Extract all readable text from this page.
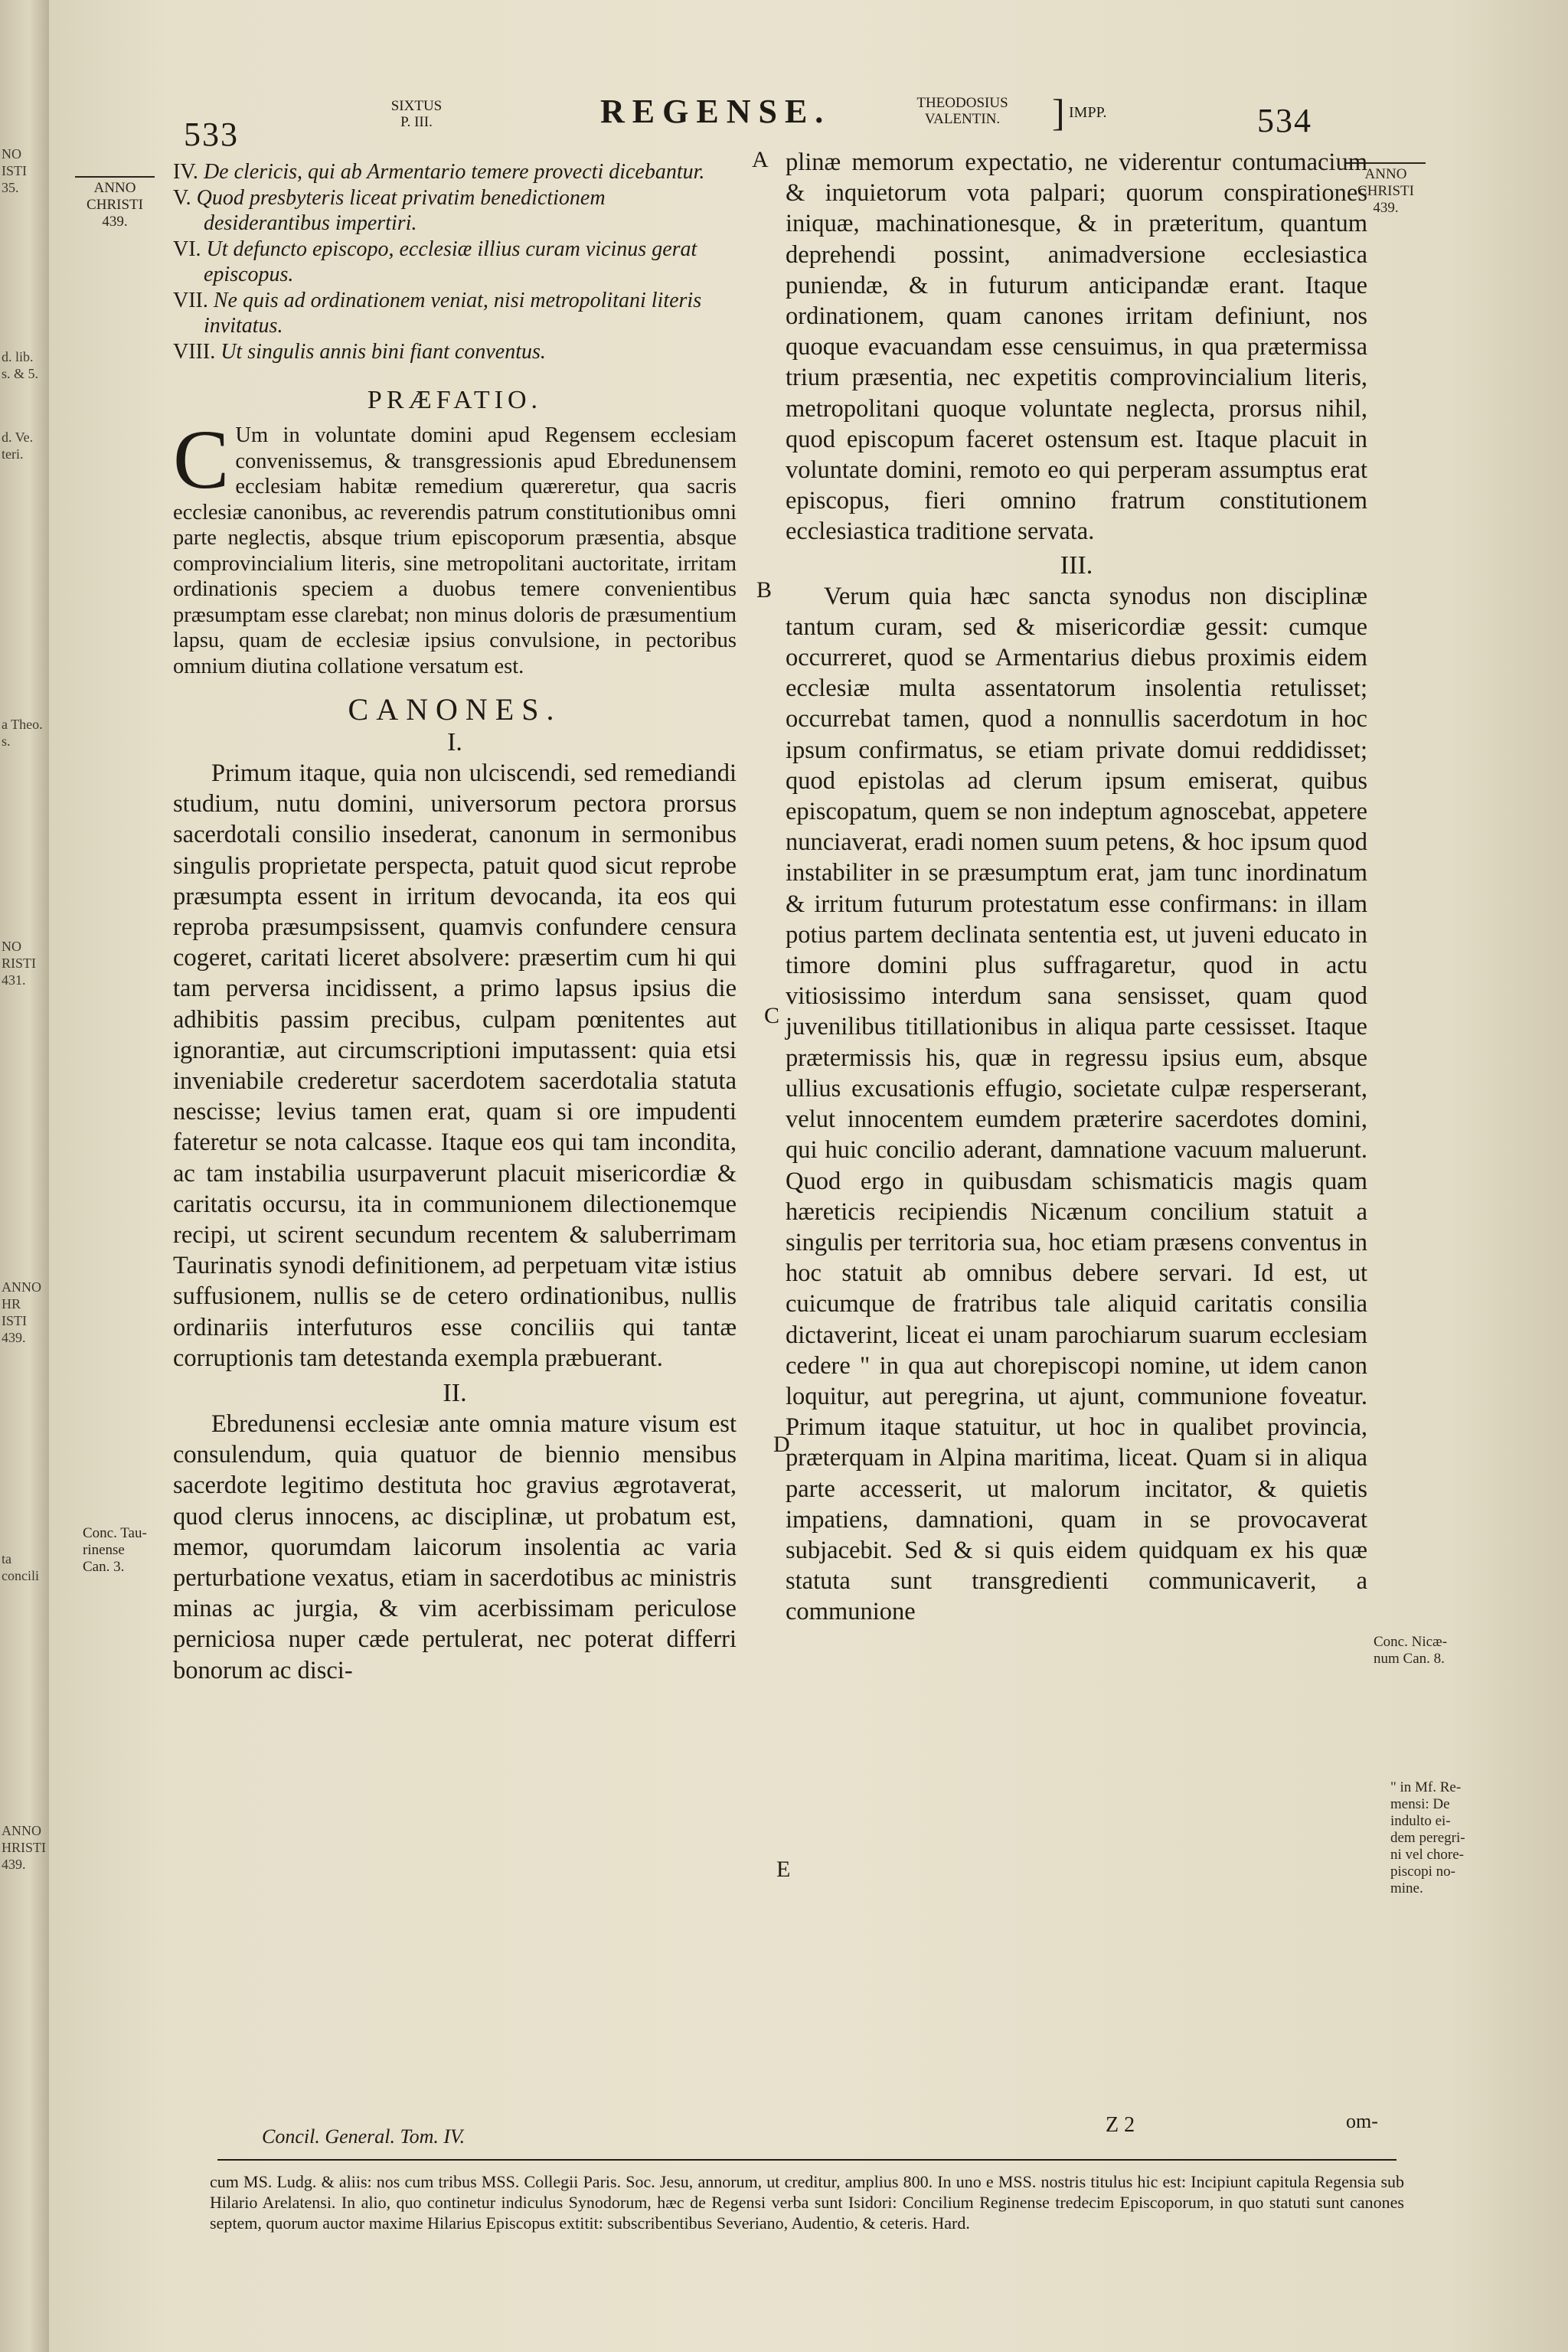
NO
ISTI
35.
d. lib.
s. & 5.
d. Ve.
teri.
a Theo.
s.
NO
RISTI
431.
ANNO
HR ISTI
439.
ta concili
ANNO
HRISTI
439.
533
SIXTUS
P. III.	REGENSE.	THEODOSIUS
VALENTIN.	] IMPP.	534
ANNO
CHRISTI
439.
ANNO
CHRISTI
439.
Conc. Tau-
rinense
Can. 3.
Conc. Nicæ-
num Can. 8.
" in Mf. Re-
mensi: De
indulto ei-
dem peregri-
ni vel chore-
piscopi no-
mine.
A
B
C
D
E
IV. De clericis, qui ab Armentario temere provecti dicebantur.
V. Quod presbyteris liceat privatim benedictionem desiderantibus impertiri.
VI. Ut defuncto episcopo, ecclesiæ illius curam vicinus gerat episcopus.
VII. Ne quis ad ordinationem veniat, nisi metropolitani literis invitatus.
VIII. Ut singulis annis bini fiant conventus.
PRÆFATIO.
C Um in voluntate domini apud Regensem ecclesiam convenissemus, & transgressionis apud Ebredunensem ecclesiam habitæ remedium quæreretur, qua sacris ecclesiæ canonibus, ac reverendis patrum constitutionibus omni parte neglectis, absque trium episcoporum præsentia, absque comprovincialium literis, sine metropolitani auctoritate, irritam ordinationis speciem a duobus temere convenientibus præsumptam esse clarebat; non minus doloris de præsumentium lapsu, quam de ecclesiæ ipsius convulsione, in pectoribus omnium diutina collatione versatum est.
CANONES.
I.

Primum itaque, quia non ulciscendi, sed remediandi studium, nutu domini, universorum pectora prorsus sacerdotali consilio insederat, canonum in sermonibus singulis proprietate perspecta, patuit quod sicut reprobe præsumpta essent in irritum devocanda, ita eos qui reproba præsumpsissent, quamvis confundere censura cogeret, caritati liceret absolvere: præsertim cum hi qui tam perversa incidissent, a primo lapsus ipsius die adhibitis passim precibus, culpam pœnitentes aut ignorantiæ, aut circumscriptioni imputassent: quia etsi inveniabile crederetur sacerdotem sacerdotalia statuta nescisse; levius tamen erat, quam si ore impudenti fateretur se nota calcasse. Itaque eos qui tam incondita, ac tam instabilia usurpaverunt placuit misericordiæ & caritatis occursu, ita in communionem dilectionemque recipi, ut scirent secundum recentem & saluberrimam Taurinatis synodi definitionem, ad perpetuam vitæ istius suffusionem, nullis se de cetero ordinationibus, nullis ordinariis interfuturos esse conciliis qui tantæ corruptionis tam detestanda exempla præbuerant.

II.

Ebredunensi ecclesiæ ante omnia mature visum est consulendum, quia quatuor de biennio mensibus sacerdote legitimo destituta hoc gravius ægrotaverat, quod clerus innocens, ac disciplinæ, ut probatum est, memor, quorumdam laicorum insolentia ac varia perturbatione vexatus, etiam in sacerdotibus ac ministris minas ac jurgia, & vim acerbissimam periculose perniciosa nuper cæde pertulerat, nec poterat differri bonorum ac disci-

Concil. General. Tom. IV.

plinæ memorum expectatio, ne viderentur contumacium & inquietorum vota palpari; quorum conspirationes iniquæ, machinationesque, & in præteritum, quantum deprehendi possint, animadversione ecclesiastica puniendæ, & in futurum anticipandæ erant. Itaque ordinationem, quam canones irritam definiunt, nos quoque evacuandam esse censuimus, in qua prætermissa trium præsentia, nec expetitis comprovincialium literis, metropolitani quoque voluntate neglecta, prorsus nihil, quod episcopum faceret ostensum est. Itaque placuit in voluntate domini, remoto eo qui perperam assumptus erat episcopus, fieri omnino fratrum constitutionem ecclesiastica traditione servata.

III.

Verum quia hæc sancta synodus non disciplinæ tantum curam, sed & misericordiæ gessit: cumque occurreret, quod se Armentarius diebus proximis eidem ecclesiæ multa assentatorum insolentia retulisset; occurrebat tamen, quod a nonnullis sacerdotum in hoc ipsum confirmatus, se etiam private domui reddidisset; quod epistolas ad clerum ipsum emiserat, quibus episcopatum, quem se non indeptum agnoscebat, appetere nunciaverat, eradi nomen suum petens, & hoc ipsum quod instabiliter in se præsumptum erat, jam tunc inordinatum & irritum futurum protestatum esse confirmans: in illam potius partem declinata sententia est, ut juveni educato in timore domini plus suffragaretur, quod in actu vitiosissimo interdum sana sensisset, quam quod juvenilibus titillationibus in aliqua parte cessisset. Itaque prætermissis his, quæ in regressu ipsius eum, absque ullius excusationis effugio, societate culpæ resperserant, velut innocentem eumdem præterire sacerdotes domini, qui huic concilio aderant, damnatione vacuum maluerunt. Quod ergo in quibusdam schismaticis magis quam hæreticis recipiendis Nicænum concilium statuit a singulis per territoria sua, hoc etiam præsens conventus in hoc statuit ab omnibus debere servari. Id est, ut cuicumque de fratribus tale aliquid caritatis consilia dictaverint, liceat ei unam parochiarum suarum ecclesiam cedere " in qua aut chorepiscopi nomine, ut idem canon loquitur, aut peregrina, ut ajunt, communione foveatur. Primum itaque statuitur, ut hoc in qualibet provincia, præterquam in Alpina maritima, liceat. Quam si in aliqua parte accesserit, ut malorum incitator, & quietis impatiens, damnationi, quam in se provocaverat subjacebit. Sed & si quis eidem quidquam ex his quæ statuta sunt transgredienti communicaverit, a communione

om-
Z 2
cum MS. Ludg. & aliis: nos cum tribus MSS. Collegii Paris. Soc. Jesu, annorum, ut creditur, amplius 800. In uno e MSS. nostris titulus hic est: Incipiunt capitula Regensia sub Hilario Arelatensi. In alio, quo continetur indiculus Synodorum, hæc de Regensi verba sunt Isidori: Concilium Reginense tredecim Episcoporum, in quo statuti sunt canones septem, quorum auctor maxime Hilarius Episcopus extitit: subscribentibus Severiano, Audentio, & ceteris. Hard.
